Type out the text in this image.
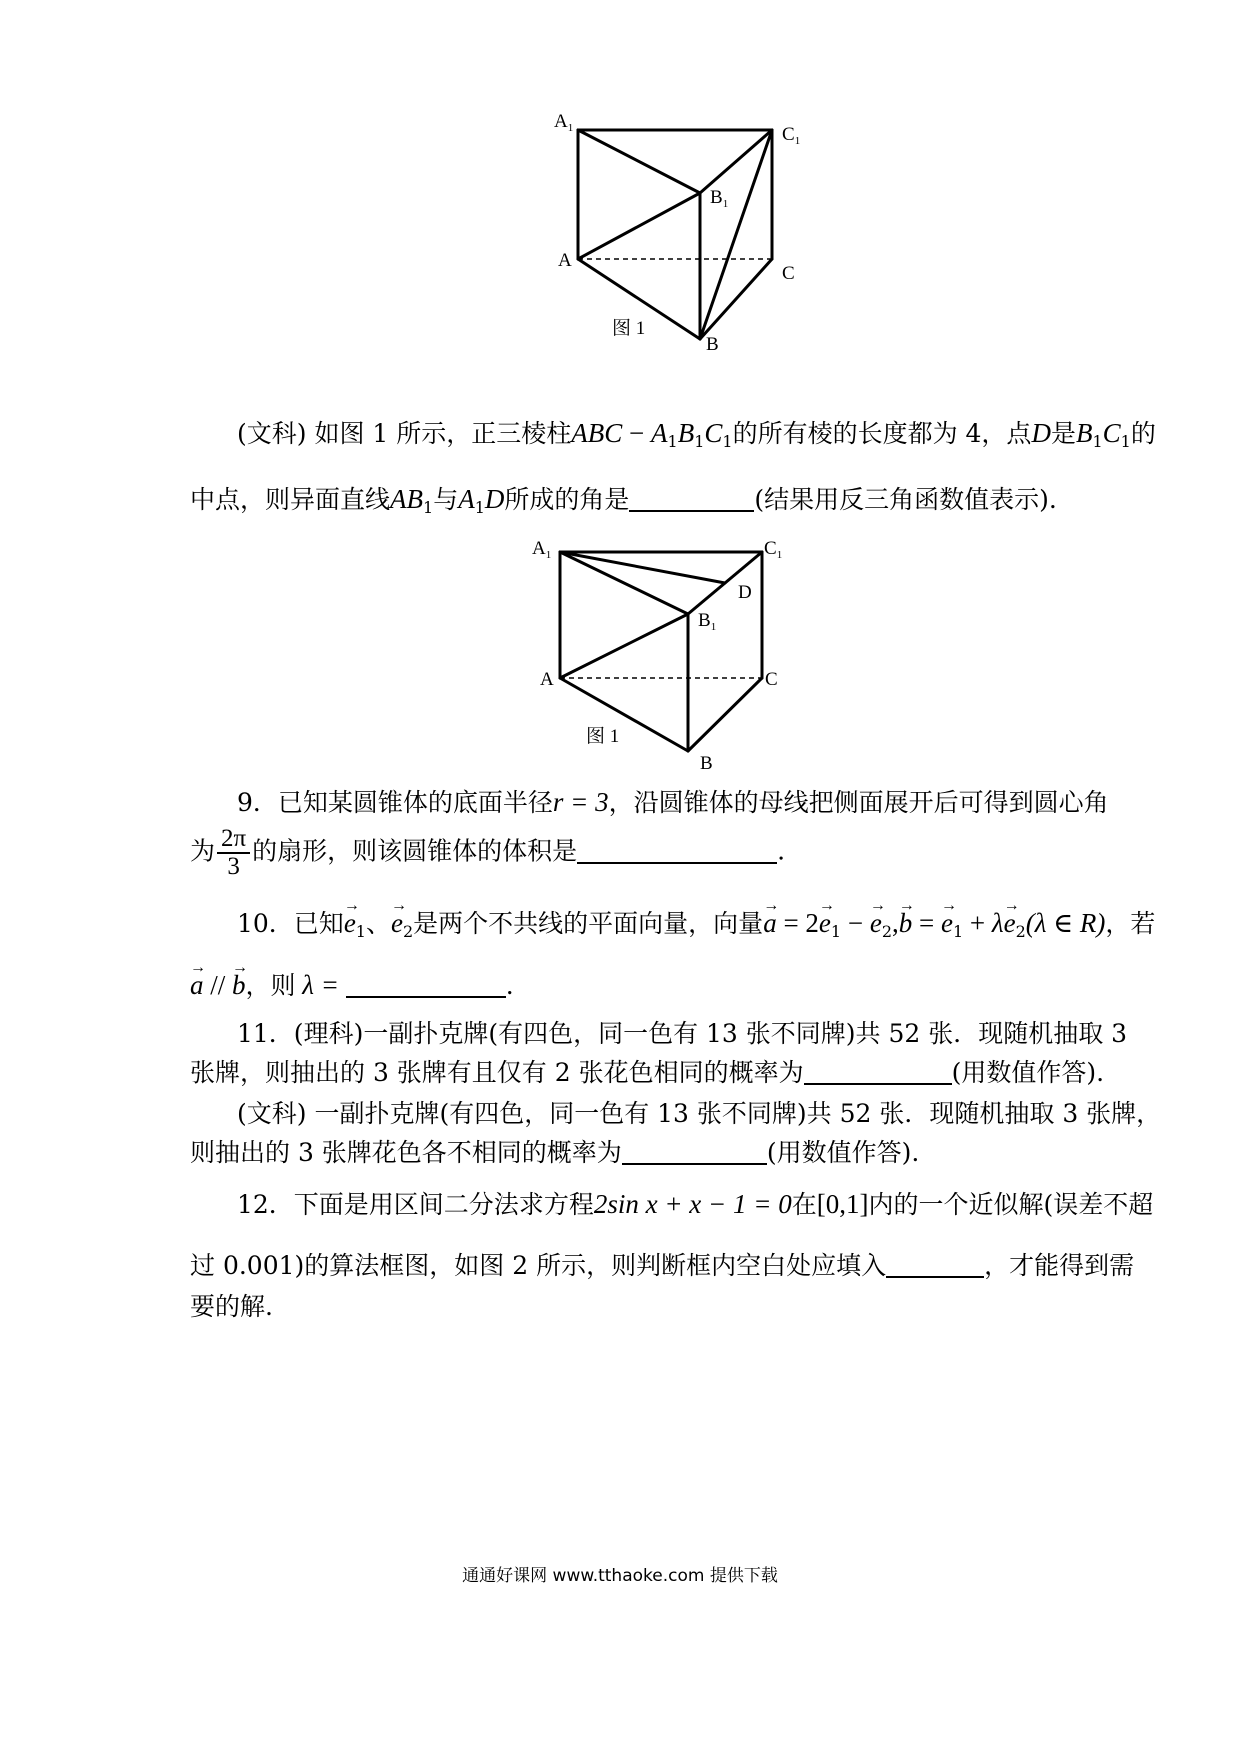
$A_1$	$C_1$
$B_1$
A
C
图 1
B
(文科) 如图 1 所示，正三棱柱ABC − $A_1B_1C_1$的所有棱的长度都为 4，点D是$B_1C_1$的
中点，则异面直线$AB_1$与$A_1D$所成的角是	(结果用反三角函数值表示).
$A_1$	$C_1$
D
$B_1$
A	C
图 1
B
9．已知某圆锥体的底面半径r = 3，沿圆锥体的母线把侧面展开后可得到圆心角
为 $\frac{2\pi}{3}$ 的扇形，则该圆锥体的体积是	.
10．已知→ $e_1$、→ $e_2$是两个不共线的平面向量，向量→ $a = 2\to e_1$ − → $e_2,\to b$ = → $e_1 + \lambda\to e_2(\lambda$ ∈ R)，若
→ a // → b，则 λ =	.
11．(理科)一副扑克牌(有四色，同一色有 13 张不同牌)共 52 张．现随机抽取 3
张牌，则抽出的 3 张牌有且仅有 2 张花色相同的概率为	(用数值作答).
(文科) 一副扑克牌(有四色，同一色有 13 张不同牌)共 52 张．现随机抽取 3 张牌，
则抽出的 3 张牌花色各不相同的概率为	(用数值作答).
12．下面是用区间二分法求方程2sin x + x − 1 = 0在[0,1]内的一个近似解(误差不超
过 0.001)的算法框图，如图 2 所示，则判断框内空白处应填入	，才能得到需
要的解.
通通好课网 www.tthaoke.com 提供下载
